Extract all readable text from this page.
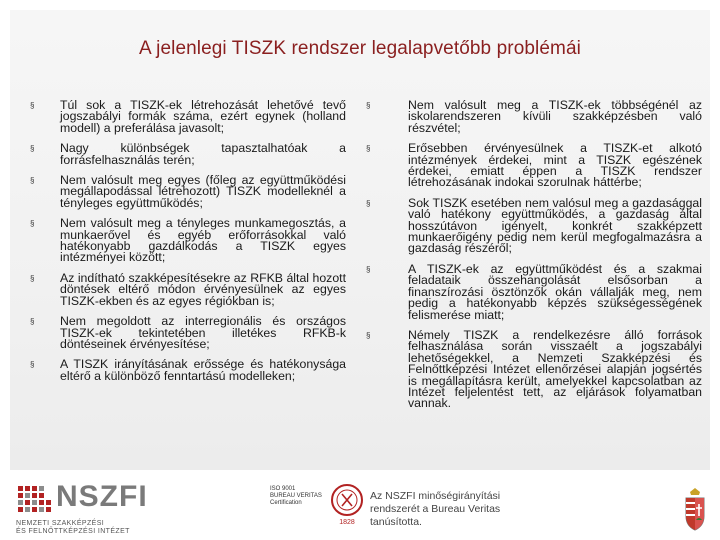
A jelenlegi TISZK rendszer legalapvetőbb problémái
§ Túl sok a TISZK-ek létrehozását lehetővé tevő jogszabályi formák száma, ezért egynek (holland modell) a preferálása javasolt;
§ Nagy különbségek tapasztalhatóak a forrásfelhasználás terén;
§ Nem valósult meg egyes (főleg az együttműködési megállapodással létrehozott) TISZK modelleknél a tényleges együttműködés;
§ Nem valósult meg a tényleges munkamegosztás, a munkaerővel és egyéb erőforrásokkal való hatékonyabb gazdálkodás a TISZK egyes intézményei között;
§ Az indítható szakképesítésekre az RFKB által hozott döntések eltérő módon érvényesülnek az egyes TISZK-ekben és az egyes régiókban is;
§ Nem megoldott az interregionális és országos TISZK-ek tekintetében illetékes RFKB-k döntéseinek érvényesítése;
§ A TISZK irányításának erőssége és hatékonysága eltérő a különböző fenntartású modelleken;
§	Nem valósult meg a TISZK-ek többségénél az iskolarendszeren kívüli szakképzésben való részvétel;
§	Erősebben érvényesülnek a TISZK-et alkotó intézmények érdekei, mint a TISZK egészének érdekei, emiatt éppen a TISZK rendszer létrehozásának indokai szorulnak háttérbe;
§	Sok TISZK esetében nem valósul meg a gazdasággal való hatékony együttműködés, a gazdaság által hosszútávon igényelt, konkrét szakképzett munkaerőigény pedig nem kerül megfogalmazásra a gazdaság részéről;
§	A TISZK-ek az együttműködést és a szakmai feladataik összehangolását elsősorban a finanszírozási ösztönzők okán vállalják meg, nem pedig a hatékonyabb képzés szükségességének felismerése miatt;
§	Némely TISZK a rendelkezésre álló források felhasználása során visszaélt a jogszabályi lehetőségekkel, a Nemzeti Szakképzési és Felnőttképzési Intézet ellenőrzései alapján jogsértés is megállapításra került, amelyekkel kapcsolatban az Intézet feljelentést tett, az eljárások folyamatban vannak.
NSZFI
NEMZETI SZAKKÉPZÉSI
ÉS FELNŐTTKÉPZÉSI INTÉZET
ISO 9001
BUREAU VERITAS
Certification
1828
Az NSZFI minőségirányítási rendszerét a Bureau Veritas tanúsította.
